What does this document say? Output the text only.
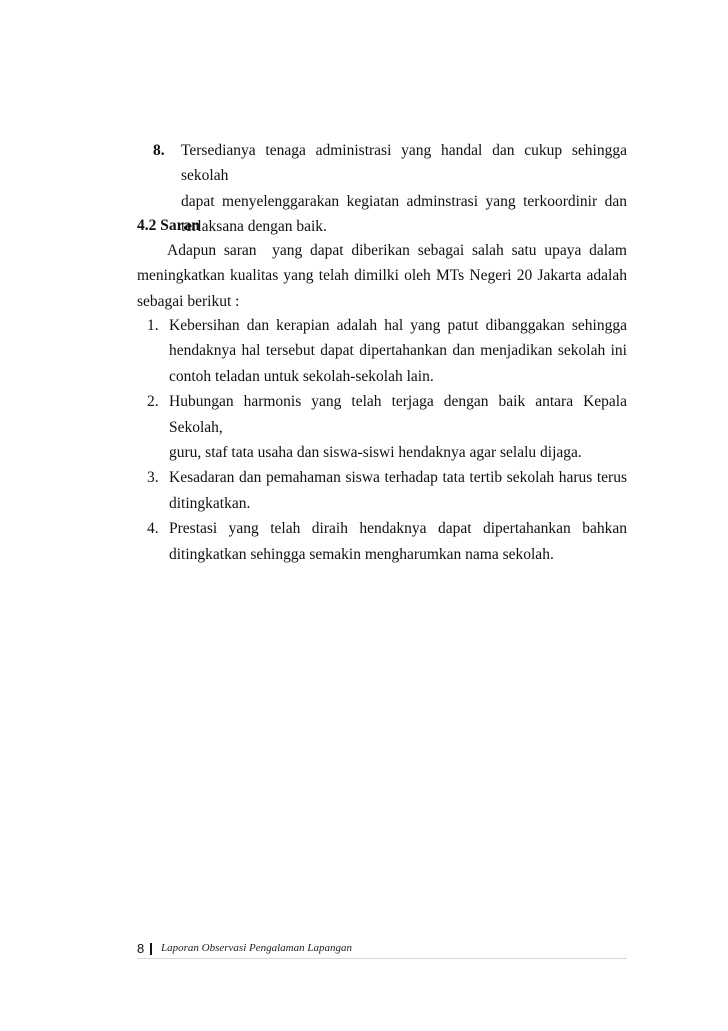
8. Tersedianya tenaga administrasi yang handal dan cukup sehingga sekolah
dapat menyelenggarakan kegiatan adminstrasi yang terkoordinir dan
terlaksana dengan baik.
4.2 Saran
Adapun saran  yang dapat diberikan sebagai salah satu upaya dalam
meningkatkan kualitas yang telah dimilki oleh MTs Negeri 20 Jakarta adalah
sebagai berikut :
1. Kebersihan dan kerapian adalah hal yang patut dibanggakan sehingga
hendaknya hal tersebut dapat dipertahankan dan menjadikan sekolah ini
contoh teladan untuk sekolah-sekolah lain.
2. Hubungan harmonis yang telah terjaga dengan baik antara Kepala Sekolah,
guru, staf tata usaha dan siswa-siswi hendaknya agar selalu dijaga.
3. Kesadaran dan pemahaman siswa terhadap tata tertib sekolah harus terus
ditingkatkan.
4. Prestasi yang telah diraih hendaknya dapat dipertahankan bahkan
ditingkatkan sehingga semakin mengharumkan nama sekolah.
8 Laporan Observasi Pengalaman Lapangan
